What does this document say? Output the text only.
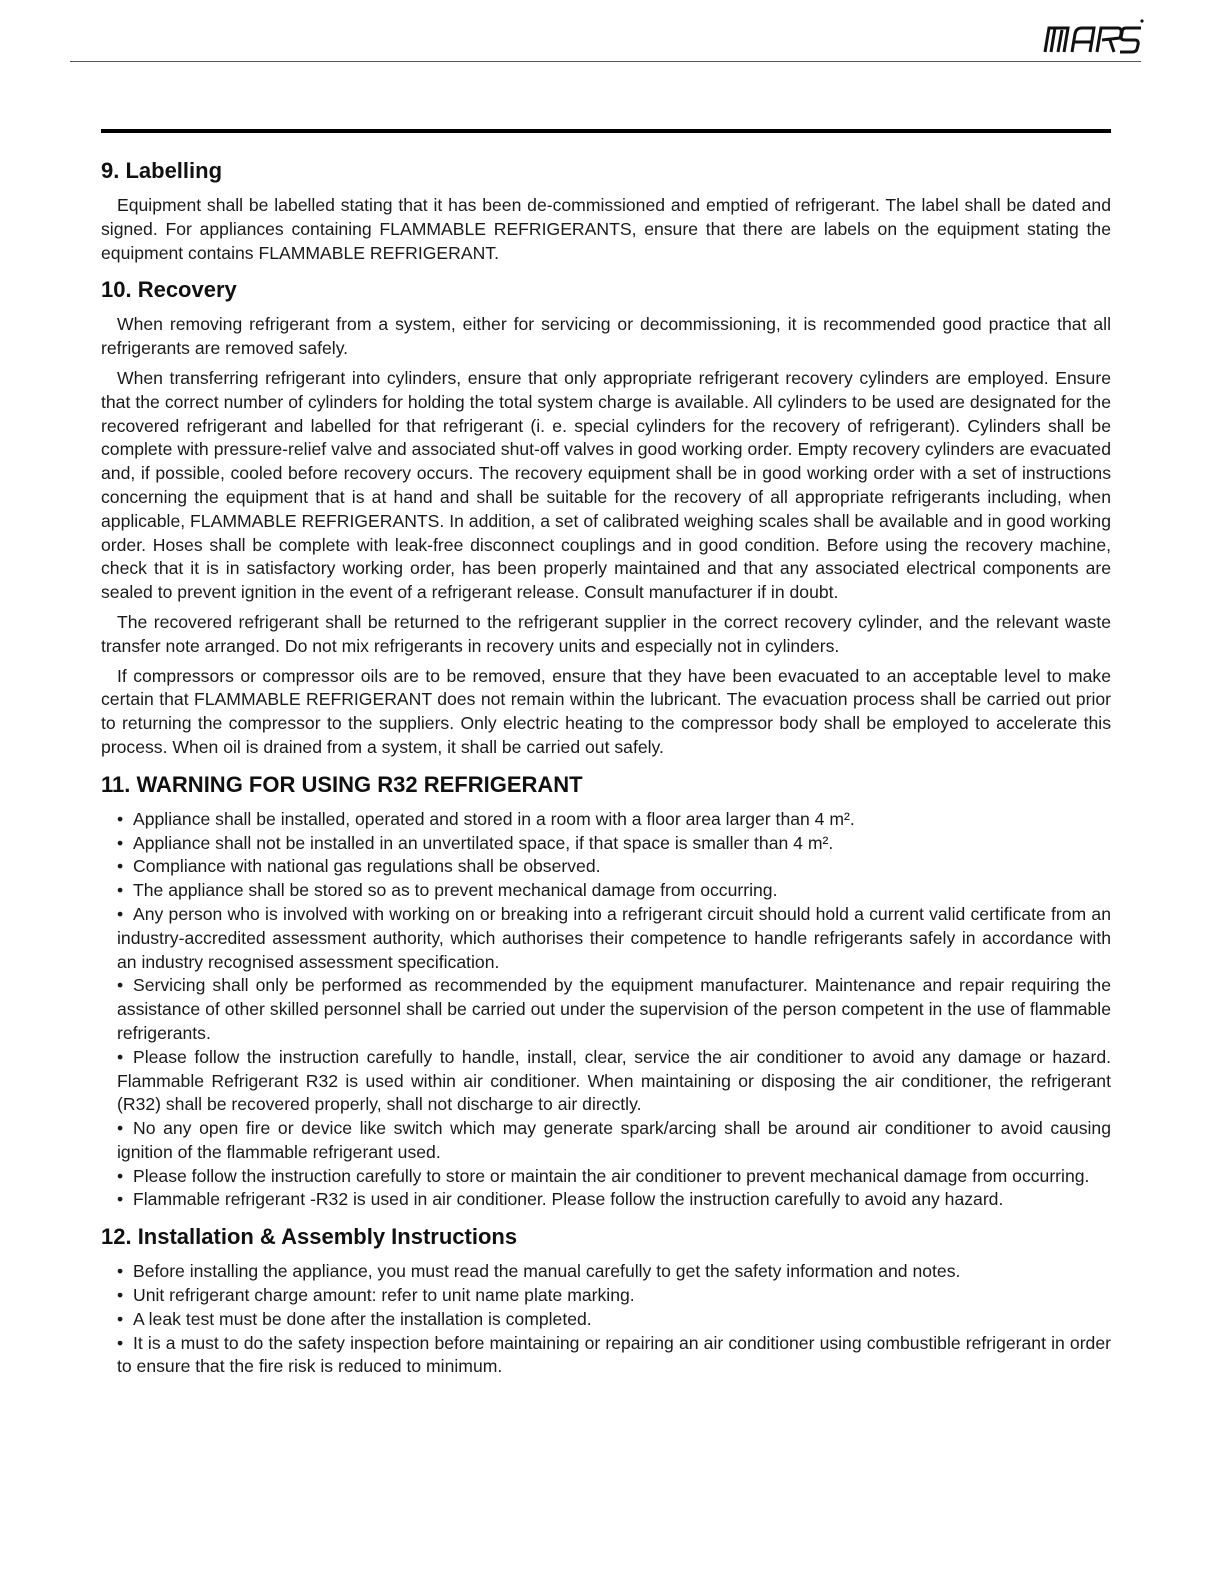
9. Labelling

Equipment shall be labelled stating that it has been de-commissioned and emptied of refrigerant. The label shall be dated and signed. For appliances containing FLAMMABLE REFRIGERANTS, ensure that there are labels on the equipment stating the equipment contains FLAMMABLE REFRIGERANT.

10. Recovery

When removing refrigerant from a system, either for servicing or decommissioning, it is recommended good practice that all refrigerants are removed safely.

When transferring refrigerant into cylinders, ensure that only appropriate refrigerant recovery cylinders are employed. Ensure that the correct number of cylinders for holding the total system charge is available. All cylinders to be used are designated for the recovered refrigerant and labelled for that refrigerant (i. e. special cylinders for the recovery of refrigerant). Cylinders shall be complete with pressure-relief valve and associated shut-off valves in good working order. Empty recovery cylinders are evacuated and, if possible, cooled before recovery occurs. The recovery equipment shall be in good working order with a set of instructions concerning the equipment that is at hand and shall be suitable for the recovery of all appropriate refrigerants including, when applicable, FLAMMABLE REFRIGERANTS. In addition, a set of calibrated weighing scales shall be available and in good working order. Hoses shall be complete with leak-free disconnect couplings and in good condition. Before using the recovery machine, check that it is in satisfactory working order, has been properly maintained and that any associated electrical components are sealed to prevent ignition in the event of a refrigerant release. Consult manufacturer if in doubt.

The recovered refrigerant shall be returned to the refrigerant supplier in the correct recovery cylinder, and the relevant waste transfer note arranged. Do not mix refrigerants in recovery units and especially not in cylinders.

If compressors or compressor oils are to be removed, ensure that they have been evacuated to an acceptable level to make certain that FLAMMABLE REFRIGERANT does not remain within the lubricant. The evacuation process shall be carried out prior to returning the compressor to the suppliers. Only electric heating to the compressor body shall be employed to accelerate this process. When oil is drained from a system, it shall be carried out safely.

11. WARNING FOR USING R32 REFRIGERANT
• Appliance shall be installed, operated and stored in a room with a floor area larger than 4 m².
• Appliance shall not be installed in an unvertilated space, if that space is smaller than 4 m².
• Compliance with national gas regulations shall be observed.
• The appliance shall be stored so as to prevent mechanical damage from occurring.
• Any person who is involved with working on or breaking into a refrigerant circuit should hold a current valid certificate from an industry-accredited assessment authority, which authorises their competence to handle refrigerants safely in accordance with an industry recognised assessment specification.
• Servicing shall only be performed as recommended by the equipment manufacturer. Maintenance and repair requiring the assistance of other skilled personnel shall be carried out under the supervision of the person competent in the use of flammable refrigerants.
• Please follow the instruction carefully to handle, install, clear, service the air conditioner to avoid any damage or hazard. Flammable Refrigerant R32 is used within air conditioner. When maintaining or disposing the air conditioner, the refrigerant (R32) shall be recovered properly, shall not discharge to air directly.
• No any open fire or device like switch which may generate spark/arcing shall be around air conditioner to avoid causing ignition of the flammable refrigerant used.
• Please follow the instruction carefully to store or maintain the air conditioner to prevent mechanical damage from occurring.
• Flammable refrigerant -R32 is used in air conditioner. Please follow the instruction carefully to avoid any hazard.
12. Installation & Assembly Instructions
• Before installing the appliance, you must read the manual carefully to get the safety information and notes.
• Unit refrigerant charge amount: refer to unit name plate marking.
• A leak test must be done after the installation is completed.
• It is a must to do the safety inspection before maintaining or repairing an air conditioner using combustible refrigerant in order to ensure that the fire risk is reduced to minimum.
